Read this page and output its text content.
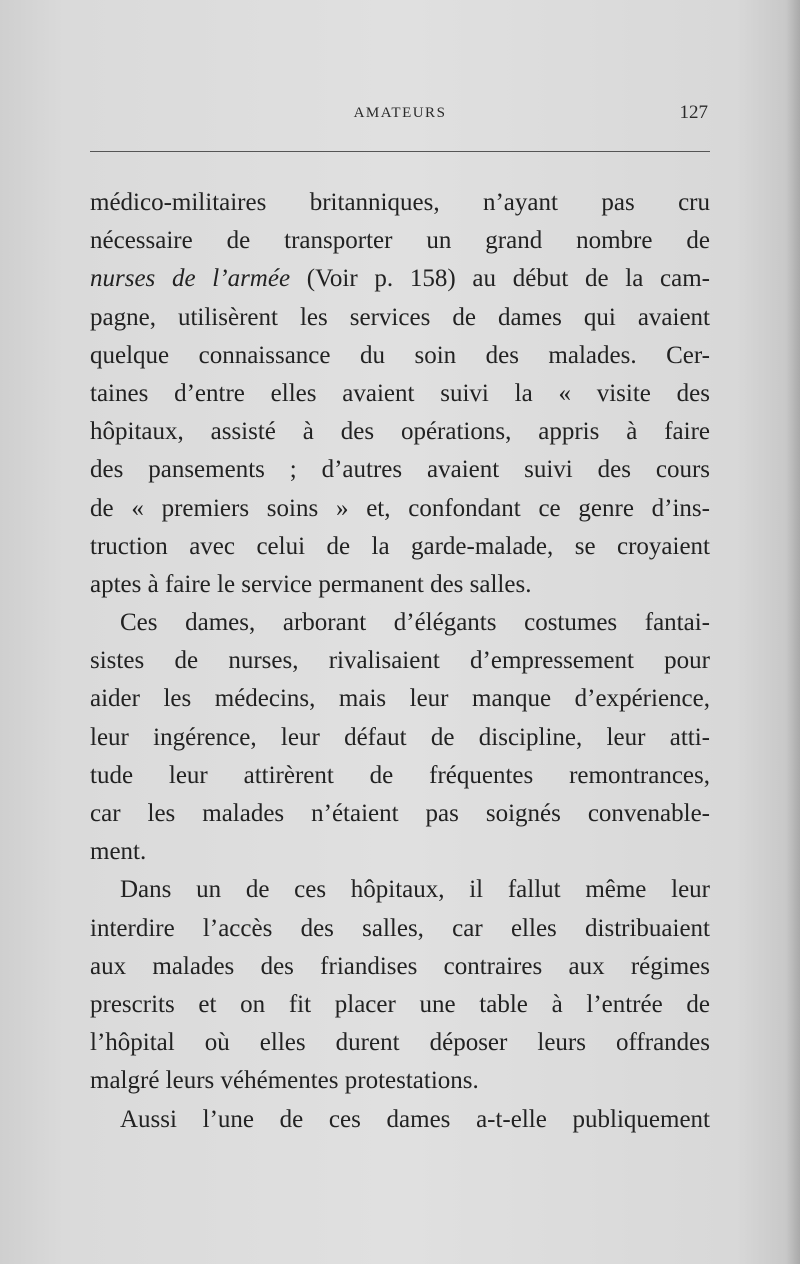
AMATEURS	127
médico-militaires britanniques, n’ayant pas cru
nécessaire de transporter un grand nombre de
nurses de l’armée (Voir p. 158) au début de la cam-
pagne, utilisèrent les services de dames qui avaient
quelque connaissance du soin des malades. Cer-
taines d’entre elles avaient suivi la « visite des
hôpitaux, assisté à des opérations, appris à faire
des pansements ; d’autres avaient suivi des cours
de « premiers soins » et, confondant ce genre d’ins-
truction avec celui de la garde-malade, se croyaient
aptes à faire le service permanent des salles.
Ces dames, arborant d’élégants costumes fantai-
sistes de nurses, rivalisaient d’empressement pour
aider les médecins, mais leur manque d’expérience,
leur ingérence, leur défaut de discipline, leur atti-
tude leur attirèrent de fréquentes remontrances,
car les malades n’étaient pas soignés convenable-
ment.
Dans un de ces hôpitaux, il fallut même leur
interdire l’accès des salles, car elles distribuaient
aux malades des friandises contraires aux régimes
prescrits et on fit placer une table à l’entrée de
l’hôpital où elles durent déposer leurs offrandes
malgré leurs véhémentes protestations.
Aussi l’une de ces dames a-t-elle publiquement
